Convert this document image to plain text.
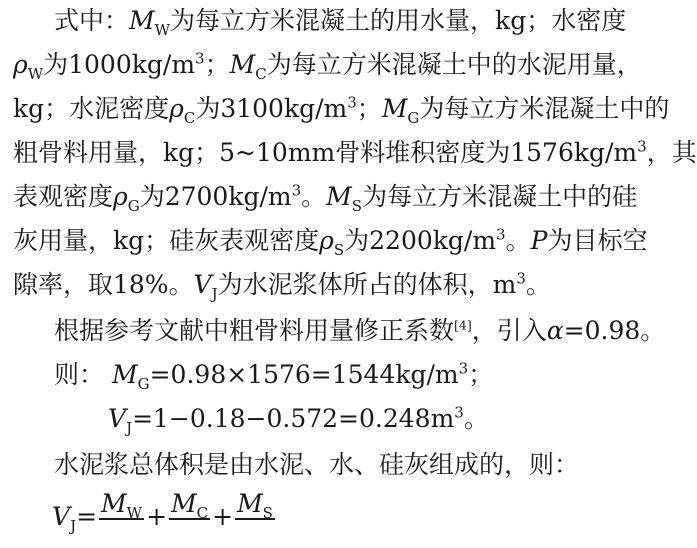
式中：$M_W$为每立方米混凝土的用水量，kg；水密度
$\rho_W$为$1000kg/m^3$；$M_C$为每立方米混凝土中的水泥用量，
kg；水泥密度$\rho_C$为$3100kg/m^3$；$M_G$为每立方米混凝土中的
粗骨料用量，kg；5~10mm骨料堆积密度为$1576kg/m^3$，其
表观密度$\rho_G$为$2700kg/m^3$。$M_S$为每立方米混凝土中的硅
灰用量，kg；硅灰表观密度$\rho_S$为$2200kg/m^3$。P为目标空
隙率，取18%。$V_J$为水泥浆体所占的体积，$m^3$。
根据参考文献中粗骨料用量修正系数[4]，引入α=0.98。
则： $M_G=0.98\times 1576=1544kg/m^3$；
$V_J=1-0.18-0.572=0.248m^3$。
水泥浆总体积是由水泥、水、硅灰组成的，则：
$V_J= M_W$
+ $M_C$
+ $M_S$
